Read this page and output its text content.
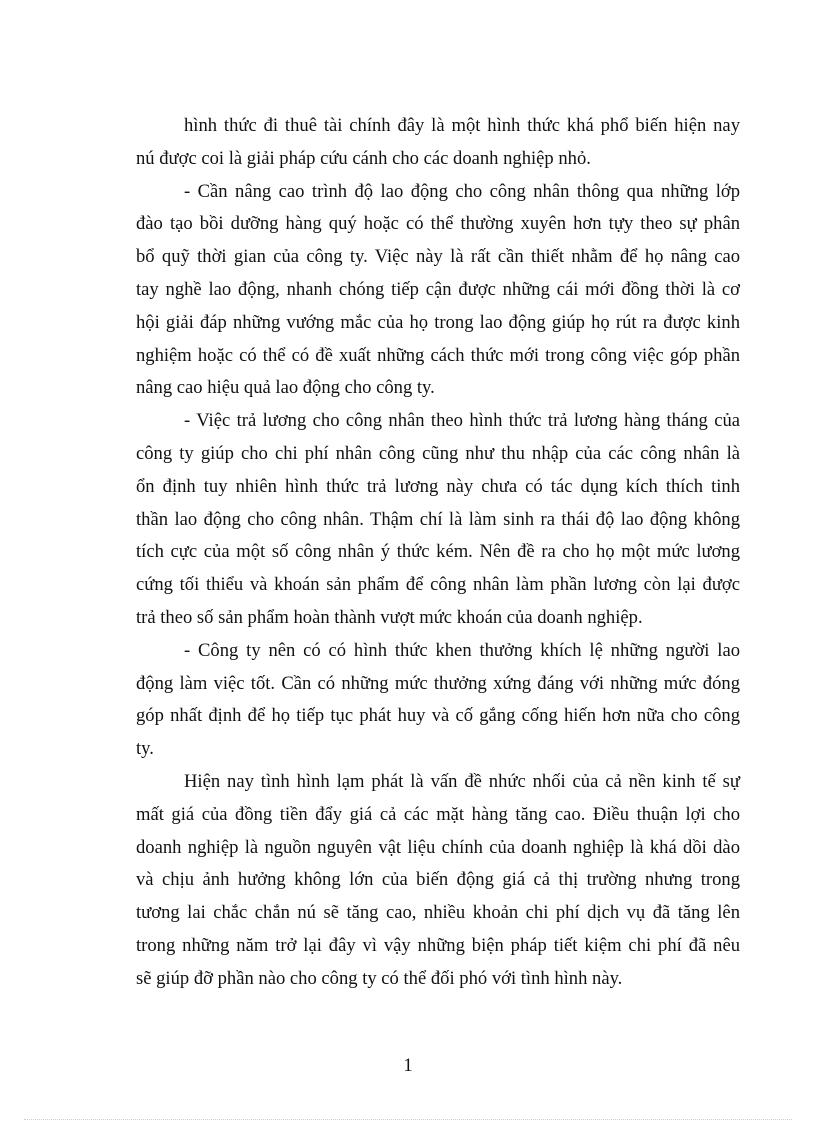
hình thức đi thuê tài chính đây là một hình thức khá phổ biến hiện nay
nú được coi là giải pháp cứu cánh cho các doanh nghiệp nhỏ.
- Cần nâng cao trình độ lao động cho công nhân thông qua những lớp
đào tạo bồi dưỡng hàng quý hoặc có thể thường xuyên hơn tựy theo sự phân
bổ quỹ thời gian của công ty. Việc này là rất cần thiết nhằm để họ nâng cao
tay nghề lao động, nhanh chóng tiếp cận được những cái mới đồng thời là cơ
hội giải đáp những vướng mắc của họ trong lao động giúp họ rút ra được kinh
nghiệm hoặc có thể có đề xuất những cách thức mới trong công việc góp phần
nâng cao hiệu quả lao động cho công ty.
- Việc trả lương cho công nhân theo hình thức trả lương hàng tháng của
công ty giúp cho chi phí nhân công cũng như thu nhập của các công nhân là
ổn định tuy nhiên hình thức trả lương này chưa có tác dụng kích thích tinh
thần lao động cho công nhân. Thậm chí là làm sinh ra thái độ lao động không
tích cực của một số công nhân ý thức kém. Nên đề ra cho họ một mức lương
cứng tối thiểu và khoán sản phẩm để công nhân làm phần lương còn lại được
trả theo số sản phẩm hoàn thành vượt mức khoán của doanh nghiệp.
- Công ty nên có có hình thức khen thưởng khích lệ những người lao
động làm việc tốt. Cần có những mức thưởng xứng đáng với những mức đóng
góp nhất định để họ tiếp tục phát huy và cố gắng cống hiến hơn nữa cho công
ty.
Hiện nay tình hình lạm phát là vấn đề nhức nhối của cả nền kinh tế sự
mất giá của đồng tiền đẩy giá cả các mặt hàng tăng cao. Điều thuận lợi cho
doanh nghiệp là nguồn nguyên vật liệu chính của doanh nghiệp là khá dồi dào
và chịu ảnh hưởng không lớn của biến động giá cả thị trường nhưng trong
tương lai chắc chắn nú sẽ tăng cao, nhiều khoản chi phí dịch vụ đã tăng lên
trong những năm trở lại đây vì vậy những biện pháp tiết kiệm chi phí đã nêu
sẽ giúp đỡ phần nào cho công ty có thể đối phó với tình hình này.
1
